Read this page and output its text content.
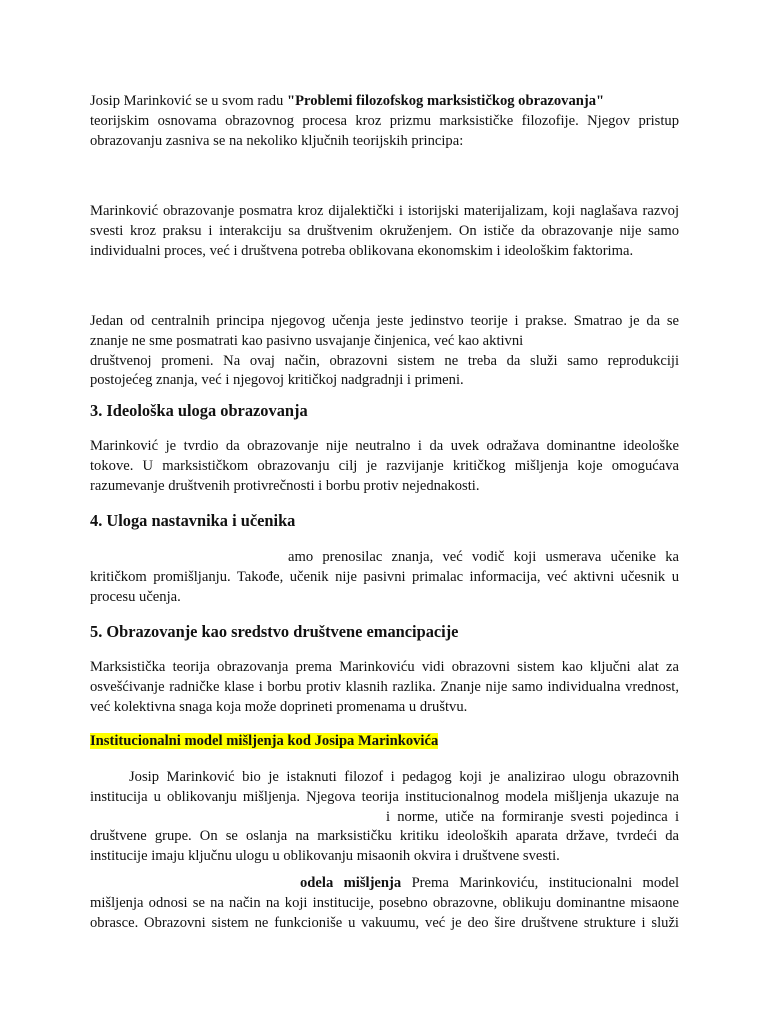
Josip Marinković se u svom radu "Problemi filozofskog marksističkog obrazovanja"
teorijskim osnovama obrazovnog procesa kroz prizmu marksističke filozofije. Njegov pristup
obrazovanju zasniva se na nekoliko ključnih teorijskih principa:
Marinković obrazovanje posmatra kroz dijalektički i istorijski materijalizam, koji naglašava razvoj
svesti kroz praksu i interakciju sa društvenim okruženjem. On ističe da obrazovanje nije samo
individualni proces, već i društvena potreba oblikovana ekonomskim i ideološkim faktorima.
Jedan od centralnih principa njegovog učenja jeste jedinstvo teorije i prakse. Smatrao je da se
znanje ne sme posmatrati kao pasivno usvajanje činjenica, već kao aktivni
društvenoj promeni. Na ovaj način, obrazovni sistem ne treba da služi samo reprodukciji
postojećeg znanja, već i njegovoj kritičkoj nadgradnji i primeni.
3. Ideološka uloga obrazovanja
Marinković je tvrdio da obrazovanje nije neutralno i da uvek odražava dominantne ideološke
tokove. U marksističkom obrazovanju cilj je razvijanje kritičkog mišljenja koje omogućava
razumevanje društvenih protivrečnosti i borbu protiv nejednakosti.
4. Uloga nastavnika i učenika
amo prenosilac znanja, već vodič koji usmerava učenike ka
kritičkom promišljanju. Takođe, učenik nije pasivni primalac informacija, već aktivni učesnik u
procesu učenja.
5. Obrazovanje kao sredstvo društvene emancipacije
Marksistička teorija obrazovanja prema Marinkoviću vidi obrazovni sistem kao ključni alat za
osvešćivanje radničke klase i borbu protiv klasnih razlika. Znanje nije samo individualna vrednost,
već kolektivna snaga koja može doprineti promenama u društvu.
Institucionalni model mišljenja kod Josipa Marinkovića
Josip Marinković bio je istaknuti filozof i pedagog koji je analizirao ulogu obrazovnih
institucija u oblikovanju mišljenja. Njegova teorija institucionalnog modela mišljenja ukazuje na
i norme, utiče na formiranje svesti pojedinca i
društvene grupe. On se oslanja na marksističku kritiku ideoloških aparata države, tvrdeći da
institucije imaju ključnu ulogu u oblikovanju misaonih okvira i društvene svesti.
odela mišljenja Prema Marinkoviću, institucionalni model
mišljenja odnosi se na način na koji institucije, posebno obrazovne, oblikuju dominantne misaone
obrasce. Obrazovni sistem ne funkcioniše u vakuumu, već je deo šire društvene strukture i služi
